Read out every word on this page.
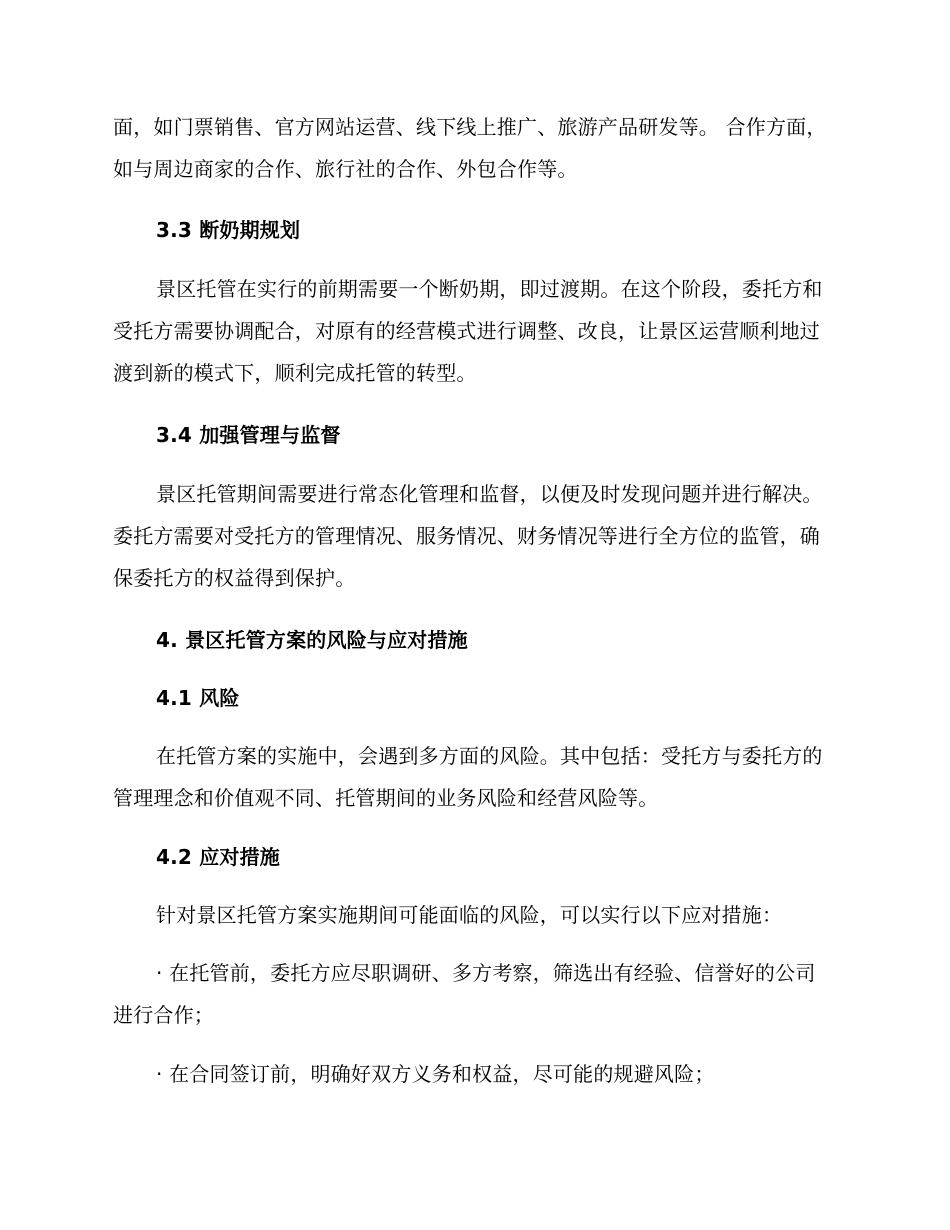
面，如门票销售、官方网站运营、线下线上推广、旅游产品研发等。 合作方面，如与周边商家的合作、旅行社的合作、外包合作等。
3.3 断奶期规划
景区托管在实行的前期需要一个断奶期，即过渡期。在这个阶段，委托方和受托方需要协调配合，对原有的经营模式进行调整、改良，让景区运营顺利地过渡到新的模式下，顺利完成托管的转型。
3.4 加强管理与监督
景区托管期间需要进行常态化管理和监督，以便及时发现问题并进行解决。委托方需要对受托方的管理情况、服务情况、财务情况等进行全方位的监管，确保委托方的权益得到保护。
4. 景区托管方案的风险与应对措施
4.1 风险
在托管方案的实施中，会遇到多方面的风险。其中包括：受托方与委托方的管理理念和价值观不同、托管期间的业务风险和经营风险等。
4.2 应对措施
针对景区托管方案实施期间可能面临的风险，可以实行以下应对措施：
· 在托管前，委托方应尽职调研、多方考察，筛选出有经验、信誉好的公司进行合作；
· 在合同签订前，明确好双方义务和权益，尽可能的规避风险；
